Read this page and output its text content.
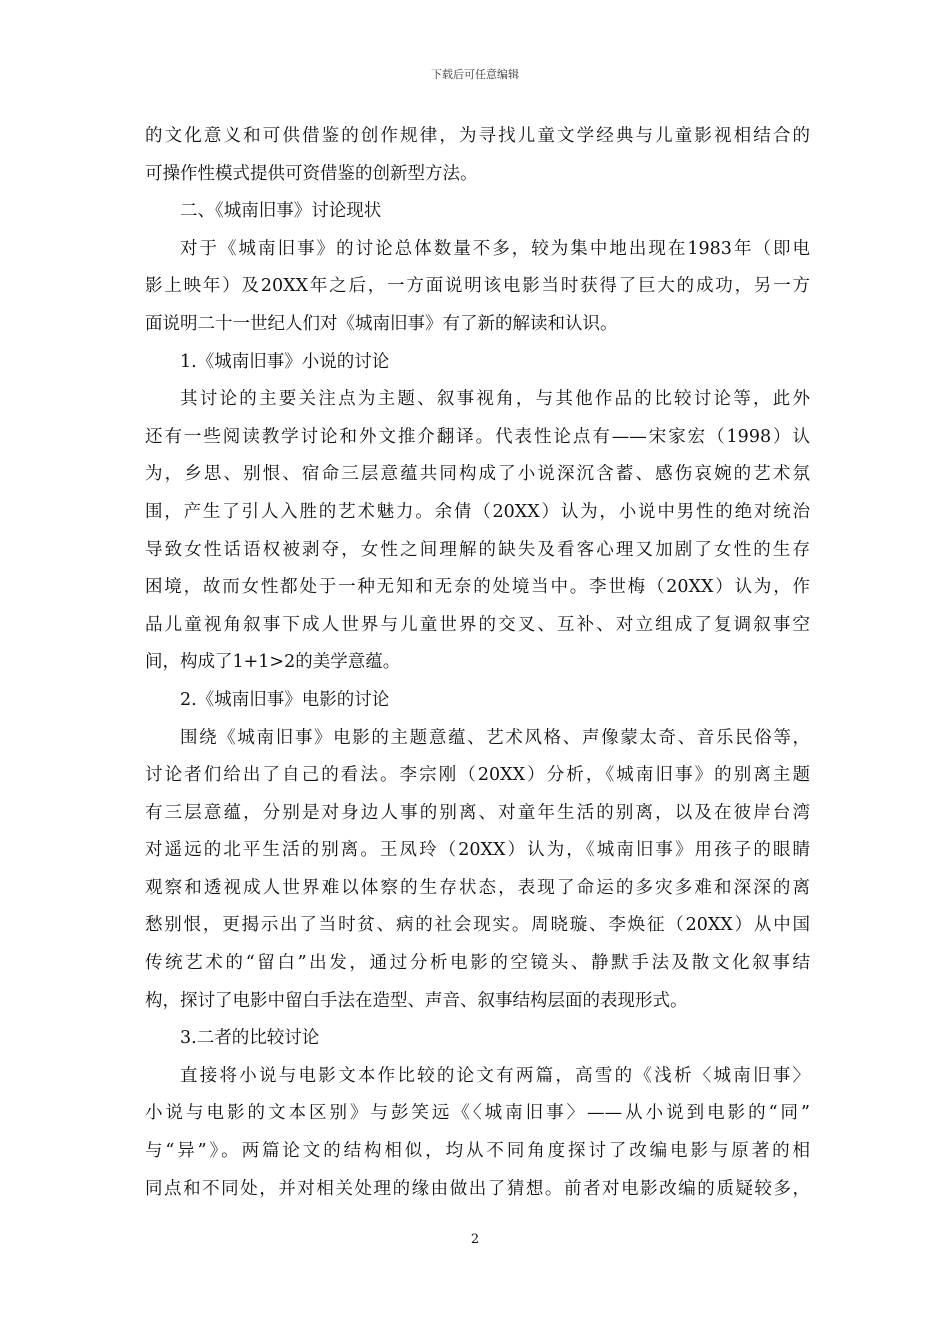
下载后可任意编辑
的文化意义和可供借鉴的创作规律，为寻找儿童文学经典与儿童影视相结合的
可操作性模式提供可资借鉴的创新型方法。
二、《城南旧事》讨论现状
对于《城南旧事》的讨论总体数量不多，较为集中地出现在1983年（即电
影上映年）及20XX年之后，一方面说明该电影当时获得了巨大的成功，另一方
面说明二十一世纪人们对《城南旧事》有了新的解读和认识。
1.《城南旧事》小说的讨论
其讨论的主要关注点为主题、叙事视角，与其他作品的比较讨论等，此外
还有一些阅读教学讨论和外文推介翻译。代表性论点有——宋家宏（1998）认
为，乡思、别恨、宿命三层意蕴共同构成了小说深沉含蓄、感伤哀婉的艺术氛
围，产生了引人入胜的艺术魅力。余倩（20XX）认为，小说中男性的绝对统治
导致女性话语权被剥夺，女性之间理解的缺失及看客心理又加剧了女性的生存
困境，故而女性都处于一种无知和无奈的处境当中。李世梅（20XX）认为，作
品儿童视角叙事下成人世界与儿童世界的交叉、互补、对立组成了复调叙事空
间，构成了1+1>2的美学意蕴。
2.《城南旧事》电影的讨论
围绕《城南旧事》电影的主题意蕴、艺术风格、声像蒙太奇、音乐民俗等，
讨论者们给出了自己的看法。李宗刚（20XX）分析，《城南旧事》的别离主题
有三层意蕴，分别是对身边人事的别离、对童年生活的别离，以及在彼岸台湾
对遥远的北平生活的别离。王凤玲（20XX）认为，《城南旧事》用孩子的眼睛
观察和透视成人世界难以体察的生存状态，表现了命运的多灾多难和深深的离
愁别恨，更揭示出了当时贫、病的社会现实。周晓璇、李焕征（20XX）从中国
传统艺术的“留白”出发，通过分析电影的空镜头、静默手法及散文化叙事结
构，探讨了电影中留白手法在造型、声音、叙事结构层面的表现形式。
3.二者的比较讨论
直接将小说与电影文本作比较的论文有两篇，高雪的《浅析〈城南旧事〉
小说与电影的文本区别》与彭笑远《〈城南旧事〉——从小说到电影的“同”
与“异”》。两篇论文的结构相似，均从不同角度探讨了改编电影与原著的相
同点和不同处，并对相关处理的缘由做出了猜想。前者对电影改编的质疑较多，
2
